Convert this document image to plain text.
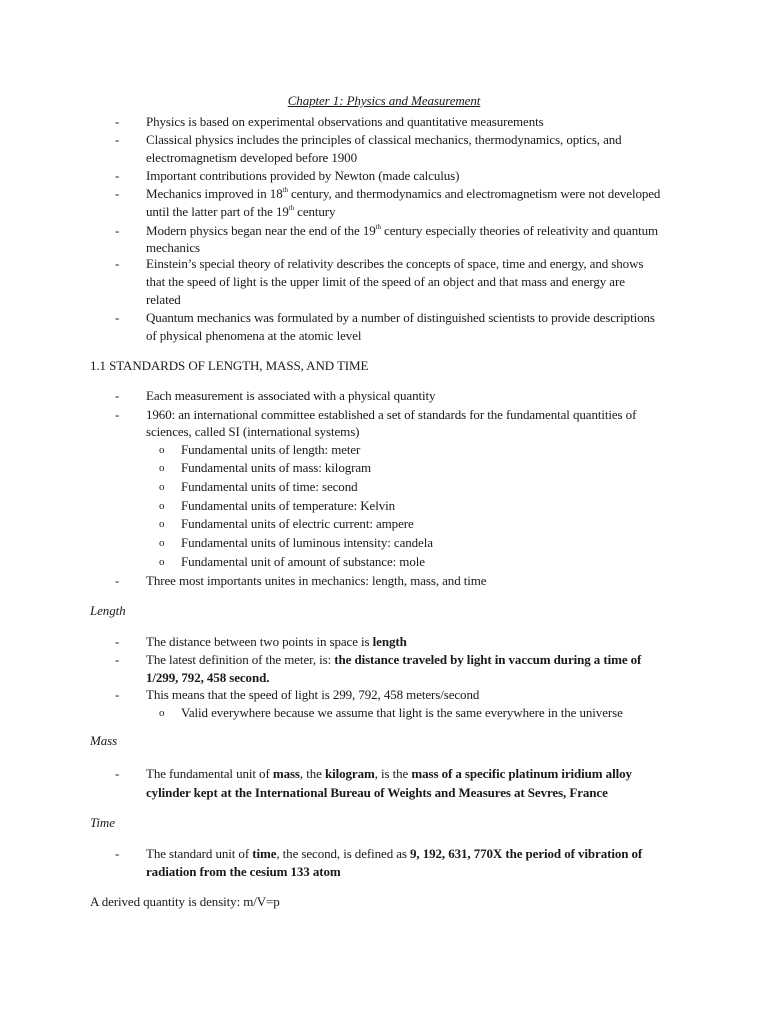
Chapter 1: Physics and Measurement
- Physics is based on experimental observations and quantitative measurements
- Classical physics includes the principles of classical mechanics, thermodynamics, optics, and
electromagnetism developed before 1900
- Important contributions provided by Newton (made calculus)
- Mechanics improved in 18th century, and thermodynamics and electromagnetism were not developed
until the latter part of the 19th century
- Modern physics began near the end of the 19th century especially theories of releativity and quantum
mechanics
- Einstein’s special theory of relativity describes the concepts of space, time and energy, and shows
that the speed of light is the upper limit of the speed of an object and that mass and energy are
related
- Quantum mechanics was formulated by a number of distinguished scientists to provide descriptions
of physical phenomena at the atomic level
1.1 STANDARDS OF LENGTH, MASS, AND TIME
- Each measurement is associated with a physical quantity
- 1960: an international committee established a set of standards for the fundamental quantities of
sciences, called SI (international systems)
o Fundamental units of length: meter
o Fundamental units of mass: kilogram
o Fundamental units of time: second
o Fundamental units of temperature: Kelvin
o Fundamental units of electric current: ampere
o Fundamental units of luminous intensity: candela
o Fundamental unit of amount of substance: mole
- Three most importants unites in mechanics: length, mass, and time
Length
- The distance between two points in space is length
- The latest definition of the meter, is: the distance traveled by light in vaccum during a time of
1/299, 792, 458 second.
- This means that the speed of light is 299, 792, 458 meters/second
o Valid everywhere because we assume that light is the same everywhere in the universe
Mass
- The fundamental unit of mass, the kilogram, is the mass of a specific platinum iridium alloy
cylinder kept at the International Bureau of Weights and Measures at Sevres, France
Time
- The standard unit of time, the second, is defined as 9, 192, 631, 770X the period of vibration of
radiation from the cesium 133 atom
A derived quantity is density: m/V=p
